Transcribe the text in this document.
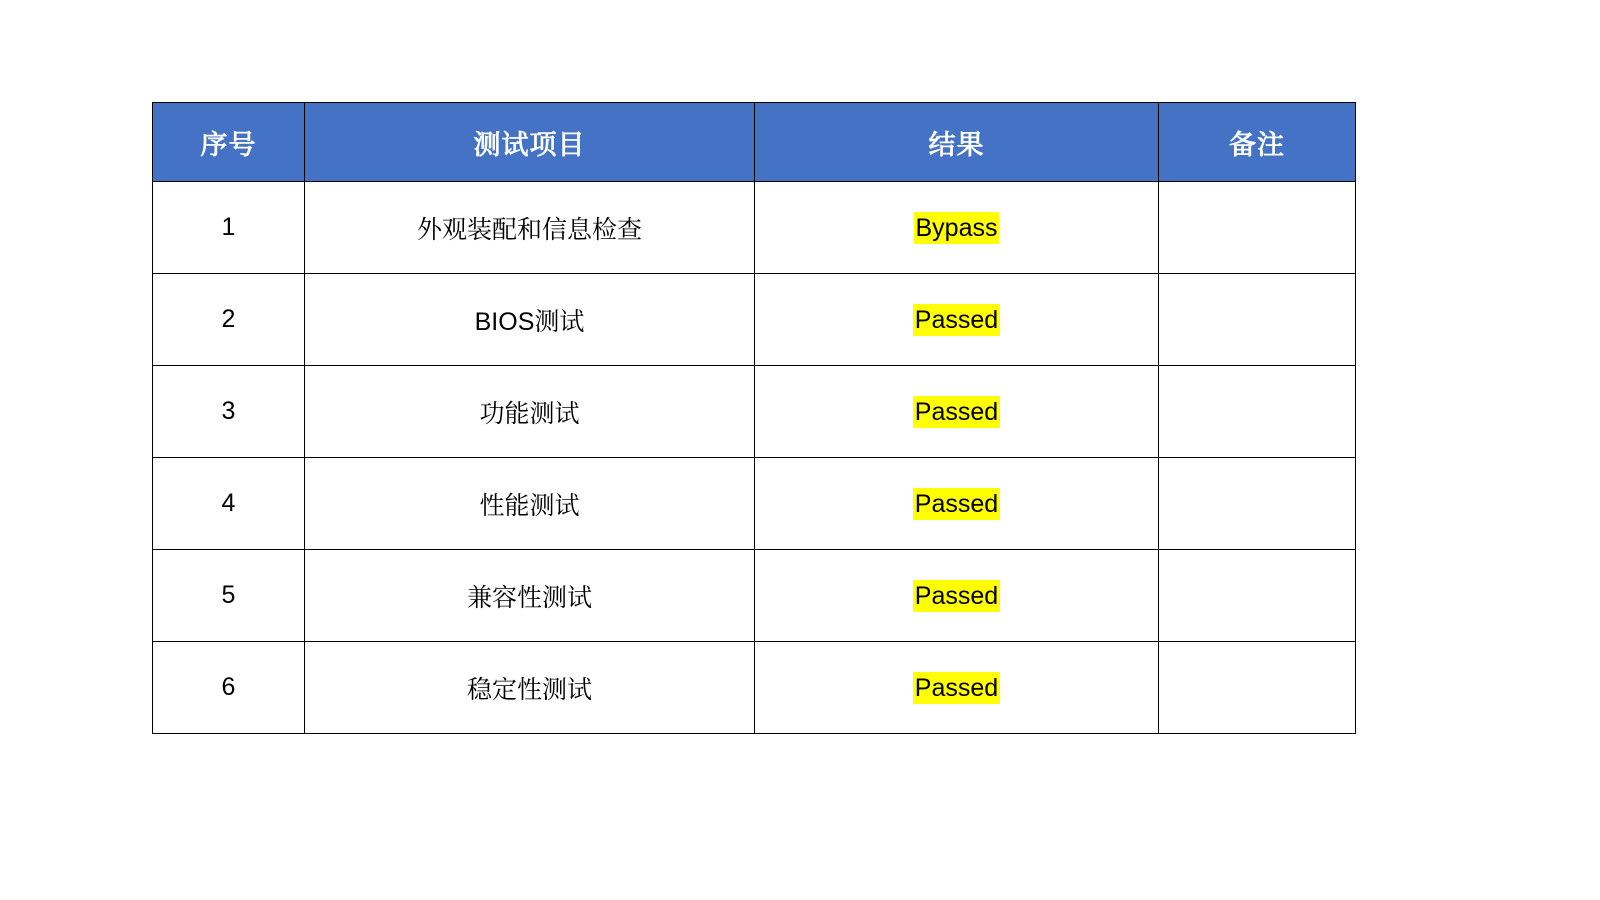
序号	测试项目	结果	备注
1	外观装配和信息检查	Bypass	
2	BIOS测试	Passed	
3	功能测试	Passed	
4	性能测试	Passed	
5	兼容性测试	Passed	
6	稳定性测试	Passed	
